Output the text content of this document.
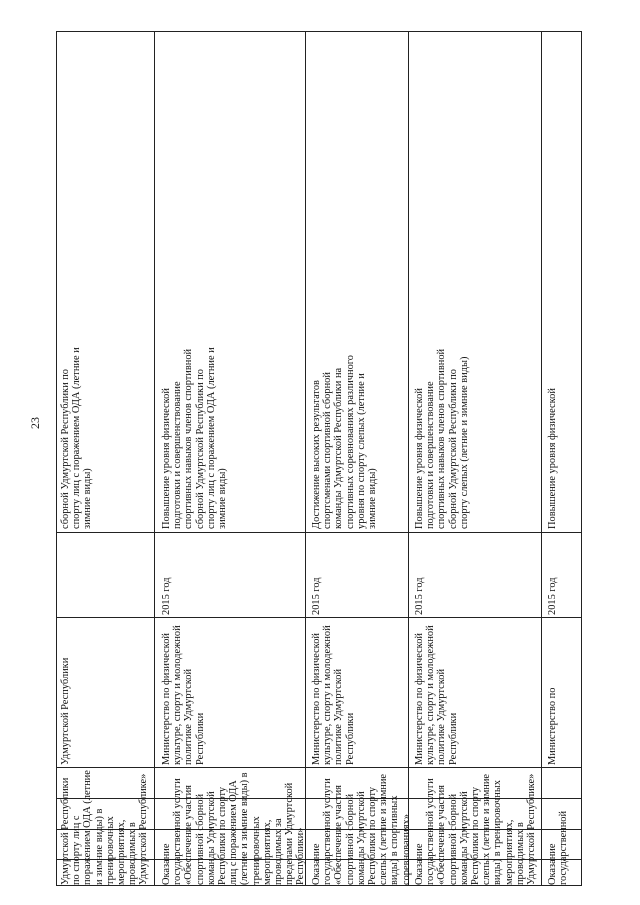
23	сборной Удмуртской Республики по спорту лиц с поражением ОДА (летние и зимние виды)
Удмуртской Республики
Удмуртской Республики по спорту лиц с поражением ОДА (летние и зимние виды) в тренировочных мероприятиях, проводимых в Удмуртской Республике»
Повышение уровня физической подготовки и совершенствование спортивных навыков членов спортивной сборной Удмуртской Республики по спорту лиц с поражением ОДА (летние и зимние виды)
2015 год
Министерство по физической культуре, спорту и молодежной политике Удмуртской Республики
Оказание государственной услуги «Обеспечение участия спортивной сборной команды Удмуртской Республики по спорту лиц с поражением ОДА (летние и зимние виды) в тренировочных мероприятиях, проводимых за пределами Удмуртской Республики»
Достижение высоких результатов спортсменами спортивной сборной команды Удмуртской Республики на спортивных соревнованиях различного уровня по спорту слепых (летние и зимние виды)
2015 год
Министерство по физической культуре, спорту и молодежной политике Удмуртской Республики
Оказание государственной услуги «Обеспечение участия спортивной сборной команды Удмуртской Республики по спорту слепых (летние и зимние виды) в спортивных соревнованиях»
Повышение уровня физической подготовки и совершенствование спортивных навыков членов спортивной сборной Удмуртской Республики по спорту слепых (летние и зимние виды)
2015 год
Министерство по физической культуре, спорту и молодежной политике Удмуртской Республики
Оказание государственной услуги «Обеспечение участия спортивной сборной команды Удмуртской Республики по спорту слепых (летние и зимние виды) в тренировочных мероприятиях, проводимых в Удмуртской Республике»
Повышение уровня физической
2015 год
Министерство по
Оказание государственной
